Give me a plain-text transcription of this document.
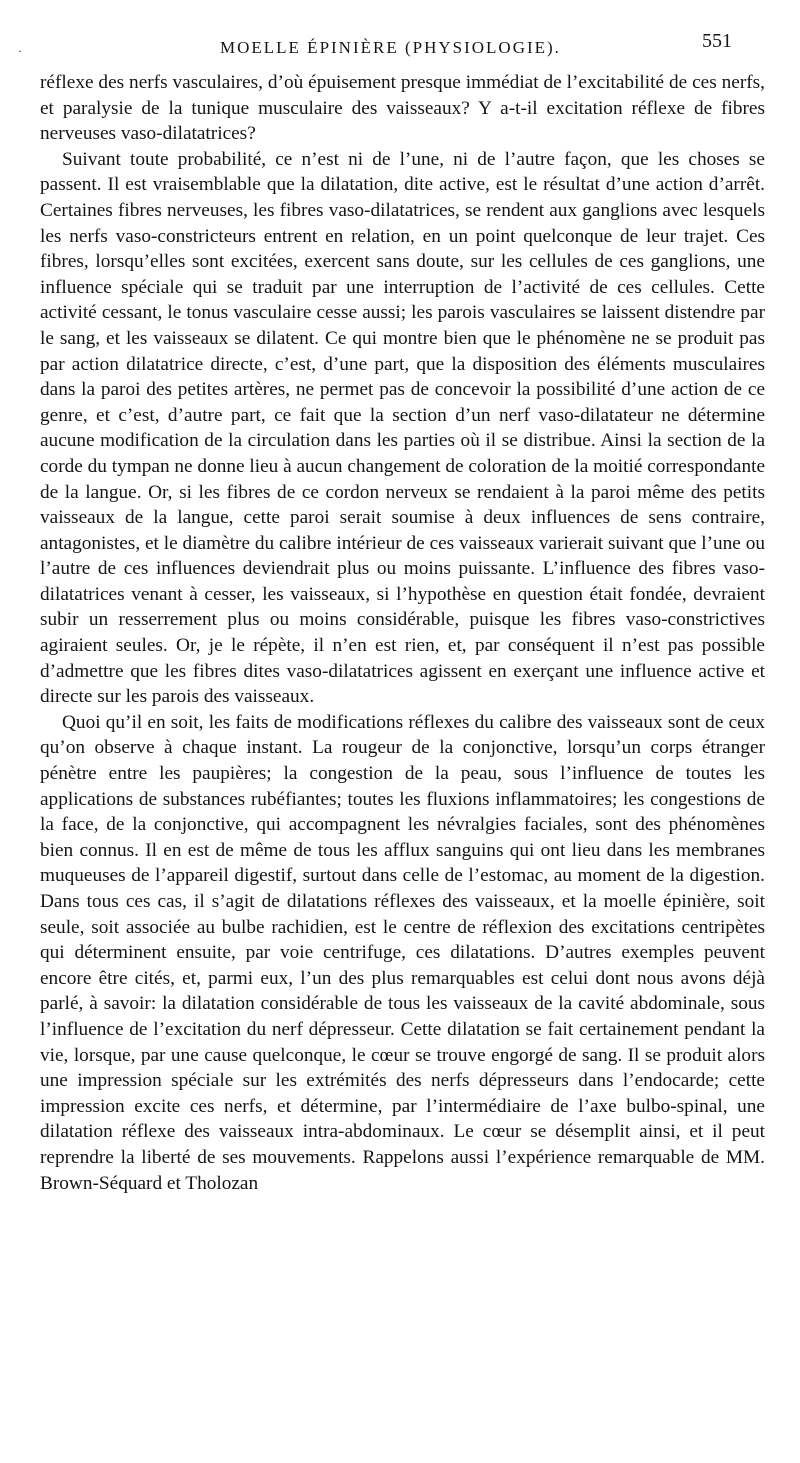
·	MOELLE ÉPINIÈRE (PHYSIOLOGIE).	551

réflexe des nerfs vasculaires, d’où épuisement presque immédiat de l’excitabilité de ces nerfs, et paralysie de la tunique musculaire des vaisseaux? Y a-t-il excitation réflexe de fibres nerveuses vaso-dilatatrices?

Suivant toute probabilité, ce n’est ni de l’une, ni de l’autre façon, que les choses se passent. Il est vraisemblable que la dilatation, dite active, est le résultat d’une action d’arrêt. Certaines fibres nerveuses, les fibres vaso-dilatatrices, se rendent aux ganglions avec lesquels les nerfs vaso-constricteurs entrent en relation, en un point quelconque de leur trajet. Ces fibres, lorsqu’elles sont excitées, exercent sans doute, sur les cellules de ces ganglions, une influence spéciale qui se traduit par une interruption de l’activité de ces cellules. Cette activité cessant, le tonus vasculaire cesse aussi; les parois vasculaires se laissent distendre par le sang, et les vaisseaux se dilatent. Ce qui montre bien que le phénomène ne se produit pas par action dilatatrice directe, c’est, d’une part, que la disposition des éléments musculaires dans la paroi des petites artères, ne permet pas de concevoir la possibilité d’une action de ce genre, et c’est, d’autre part, ce fait que la section d’un nerf vaso-dilatateur ne détermine aucune modification de la circulation dans les parties où il se distribue. Ainsi la section de la corde du tympan ne donne lieu à aucun changement de coloration de la moitié correspondante de la langue. Or, si les fibres de ce cordon nerveux se rendaient à la paroi même des petits vaisseaux de la langue, cette paroi serait soumise à deux influences de sens contraire, antagonistes, et le diamètre du calibre intérieur de ces vaisseaux varierait suivant que l’une ou l’autre de ces influences deviendrait plus ou moins puissante. L’influence des fibres vaso-dilatatrices venant à cesser, les vaisseaux, si l’hypothèse en question était fondée, devraient subir un resserrement plus ou moins considérable, puisque les fibres vaso-constrictives agiraient seules. Or, je le répète, il n’en est rien, et, par conséquent il n’est pas possible d’admettre que les fibres dites vaso-dilatatrices agissent en exerçant une influence active et directe sur les parois des vaisseaux.

Quoi qu’il en soit, les faits de modifications réflexes du calibre des vaisseaux sont de ceux qu’on observe à chaque instant. La rougeur de la conjonctive, lorsqu’un corps étranger pénètre entre les paupières; la congestion de la peau, sous l’influence de toutes les applications de substances rubéfiantes; toutes les fluxions inflammatoires; les congestions de la face, de la conjonctive, qui accompagnent les névralgies faciales, sont des phénomènes bien connus. Il en est de même de tous les afflux sanguins qui ont lieu dans les membranes muqueuses de l’appareil digestif, surtout dans celle de l’estomac, au moment de la digestion. Dans tous ces cas, il s’agit de dilatations réflexes des vaisseaux, et la moelle épinière, soit seule, soit associée au bulbe rachidien, est le centre de réflexion des excitations centripètes qui déterminent ensuite, par voie centrifuge, ces dilatations. D’autres exemples peuvent encore être cités, et, parmi eux, l’un des plus remarquables est celui dont nous avons déjà parlé, à savoir: la dilatation considérable de tous les vaisseaux de la cavité abdominale, sous l’influence de l’excitation du nerf dépresseur. Cette dilatation se fait certainement pendant la vie, lorsque, par une cause quelconque, le cœur se trouve engorgé de sang. Il se produit alors une impression spéciale sur les extrémités des nerfs dépresseurs dans l’endocarde; cette impression excite ces nerfs, et détermine, par l’intermédiaire de l’axe bulbo-spinal, une dilatation réflexe des vaisseaux intra-abdominaux. Le cœur se désemplit ainsi, et il peut reprendre la liberté de ses mouvements. Rappelons aussi l’expérience remarquable de MM. Brown-Séquard et Tholozan
